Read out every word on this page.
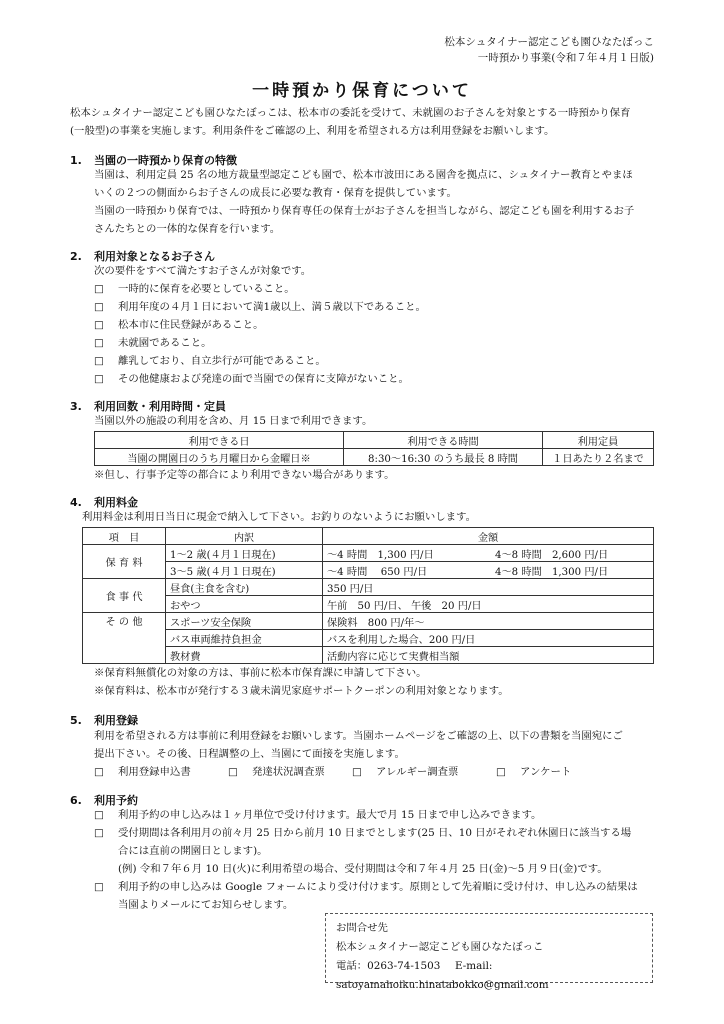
松本シュタイナー認定こども園ひなたぼっこ
一時預かり事業(令和７年４月１日版)
一時預かり保育について
松本シュタイナー認定こども園ひなたぼっこは、松本市の委託を受けて、未就園のお子さんを対象とする一時預かり保育
(一般型)の事業を実施します。利用条件をご確認の上、利用を希望される方は利用登録をお願いします。
1. 当園の一時預かり保育の特徴
当園は、利用定員 25 名の地方裁量型認定こども園で、松本市波田にある園舎を拠点に、シュタイナー教育とやまほ
いくの２つの側面からお子さんの成長に必要な教育・保育を提供しています。
当園の一時預かり保育では、一時預かり保育専任の保育士がお子さんを担当しながら、認定こども園を利用するお子
さんたちとの一体的な保育を行います。
2. 利用対象となるお子さん
次の要件をすべて満たすお子さんが対象です。
□ 一時的に保育を必要としていること。
□ 利用年度の４月１日において満1歳以上、満５歳以下であること。
□ 松本市に住民登録があること。
□ 未就園であること。
□ 離乳しており、自立歩行が可能であること。
□ その他健康および発達の面で当園での保育に支障がないこと。
3. 利用回数・利用時間・定員
当園以外の施設の利用を含め、月 15 日まで利用できます。
利用できる日	利用できる時間	利用定員
当園の開園日のうち月曜日から金曜日※	8:30～16:30 のうち最長 8 時間	１日あたり２名まで
※但し、行事予定等の都合により利用できない場合があります。
4. 利用料金
利用料金は利用日当日に現金で納入して下さい。お釣りのないようにお願いします。
項　目	内訳	金額	
保 育 料	1～2 歳(４月１日現在)	～4 時間　1,300 円/日	4～8 時間　2,600 円/日
	3～5 歳(４月１日現在)	～4 時間　 650 円/日	4～8 時間　1,300 円/日
食 事 代	昼食(主食を含む)	350 円/日	
	おやつ	午前　50 円/日、 午後　20 円/日	
そ の 他	スポーツ安全保険	保険料　800 円/年～	
	バス車両維持負担金	バスを利用した場合、200 円/日	
	教材費	活動内容に応じて実費相当額	
※保育料無償化の対象の方は、事前に松本市保育課に申請して下さい。
※保育料は、松本市が発行する３歳未満児家庭サポートクーポンの利用対象となります。
5. 利用登録
利用を希望される方は事前に利用登録をお願いします。当園ホームページをご確認の上、以下の書類を当園宛にご
提出下さい。その後、日程調整の上、当園にて面接を実施します。
□ 利用登録申込書	□ 発達状況調査票	□ アレルギー調査票	□ アンケート
6. 利用予約
□ 利用予約の申し込みは１ヶ月単位で受け付けます。最大で月 15 日まで申し込みできます。
□ 受付期間は各利用月の前々月 25 日から前月 10 日までとします(25 日、10 日がそれぞれ休園日に該当する場
合には直前の開園日とします)。
(例) 令和７年６月 10 日(火)に利用希望の場合、受付期間は令和７年４月 25 日(金)～5 月９日(金)です。
□ 利用予約の申し込みは Google フォームにより受け付けます。原則として先着順に受け付け、申し込みの結果は
当園よりメールにてお知らせします。
お問合せ先
松本シュタイナー認定こども園ひなたぼっこ
電話：0263-74-1503 E-mail: satoyamahoiku.hinatabokko@gmail.com
